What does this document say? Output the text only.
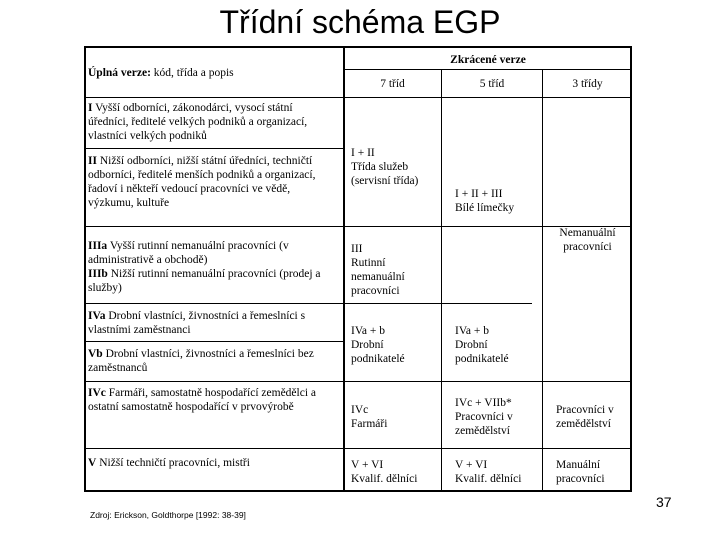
Třídní schéma EGP
Úplná verze: kód, třída a popis
Zkrácené verze
7 tříd	5 tříd	3 třídy
I Vyšší odborníci, zákonodárci, vysocí státní
úředníci, ředitelé velkých podniků a organizací,
vlastníci velkých podniků
II Nižší odborníci, nižší státní úředníci, techničtí
odborníci, ředitelé menších podniků a organizací,
řadoví i někteří vedoucí pracovníci ve vědě,
výzkumu, kultuře
IIIa Vyšší rutinní nemanuální pracovníci (v
administrativě a obchodě)
IIIb Nižší rutinní nemanuální pracovníci (prodej a
služby)
IVa Drobní vlastníci, živnostníci a řemeslníci s
vlastními zaměstnanci
Vb Drobní vlastníci, živnostníci a řemeslníci bez
zaměstnanců
IVc Farmáři, samostatně hospodařící zemědělci a
ostatní samostatně hospodařící v prvovýrobě
V Nižší techničtí pracovníci, mistři
I + II
Třída služeb
(servisní třída)
III
Rutinní
nemanuální
pracovníci
IVa + b
Drobní
podnikatelé
IVc
Farmáři
V + VI
Kvalif. dělníci
I + II + III
Bílé límečky
IVa + b
Drobní
podnikatelé
IVc + VIIb*
Pracovníci v
zemědělství
V + VI
Kvalif. dělníci
Nemanuální
pracovníci
Pracovníci v
zemědělství
Manuální
pracovníci
Zdroj: Erickson, Goldthorpe [1992: 38-39]
37
